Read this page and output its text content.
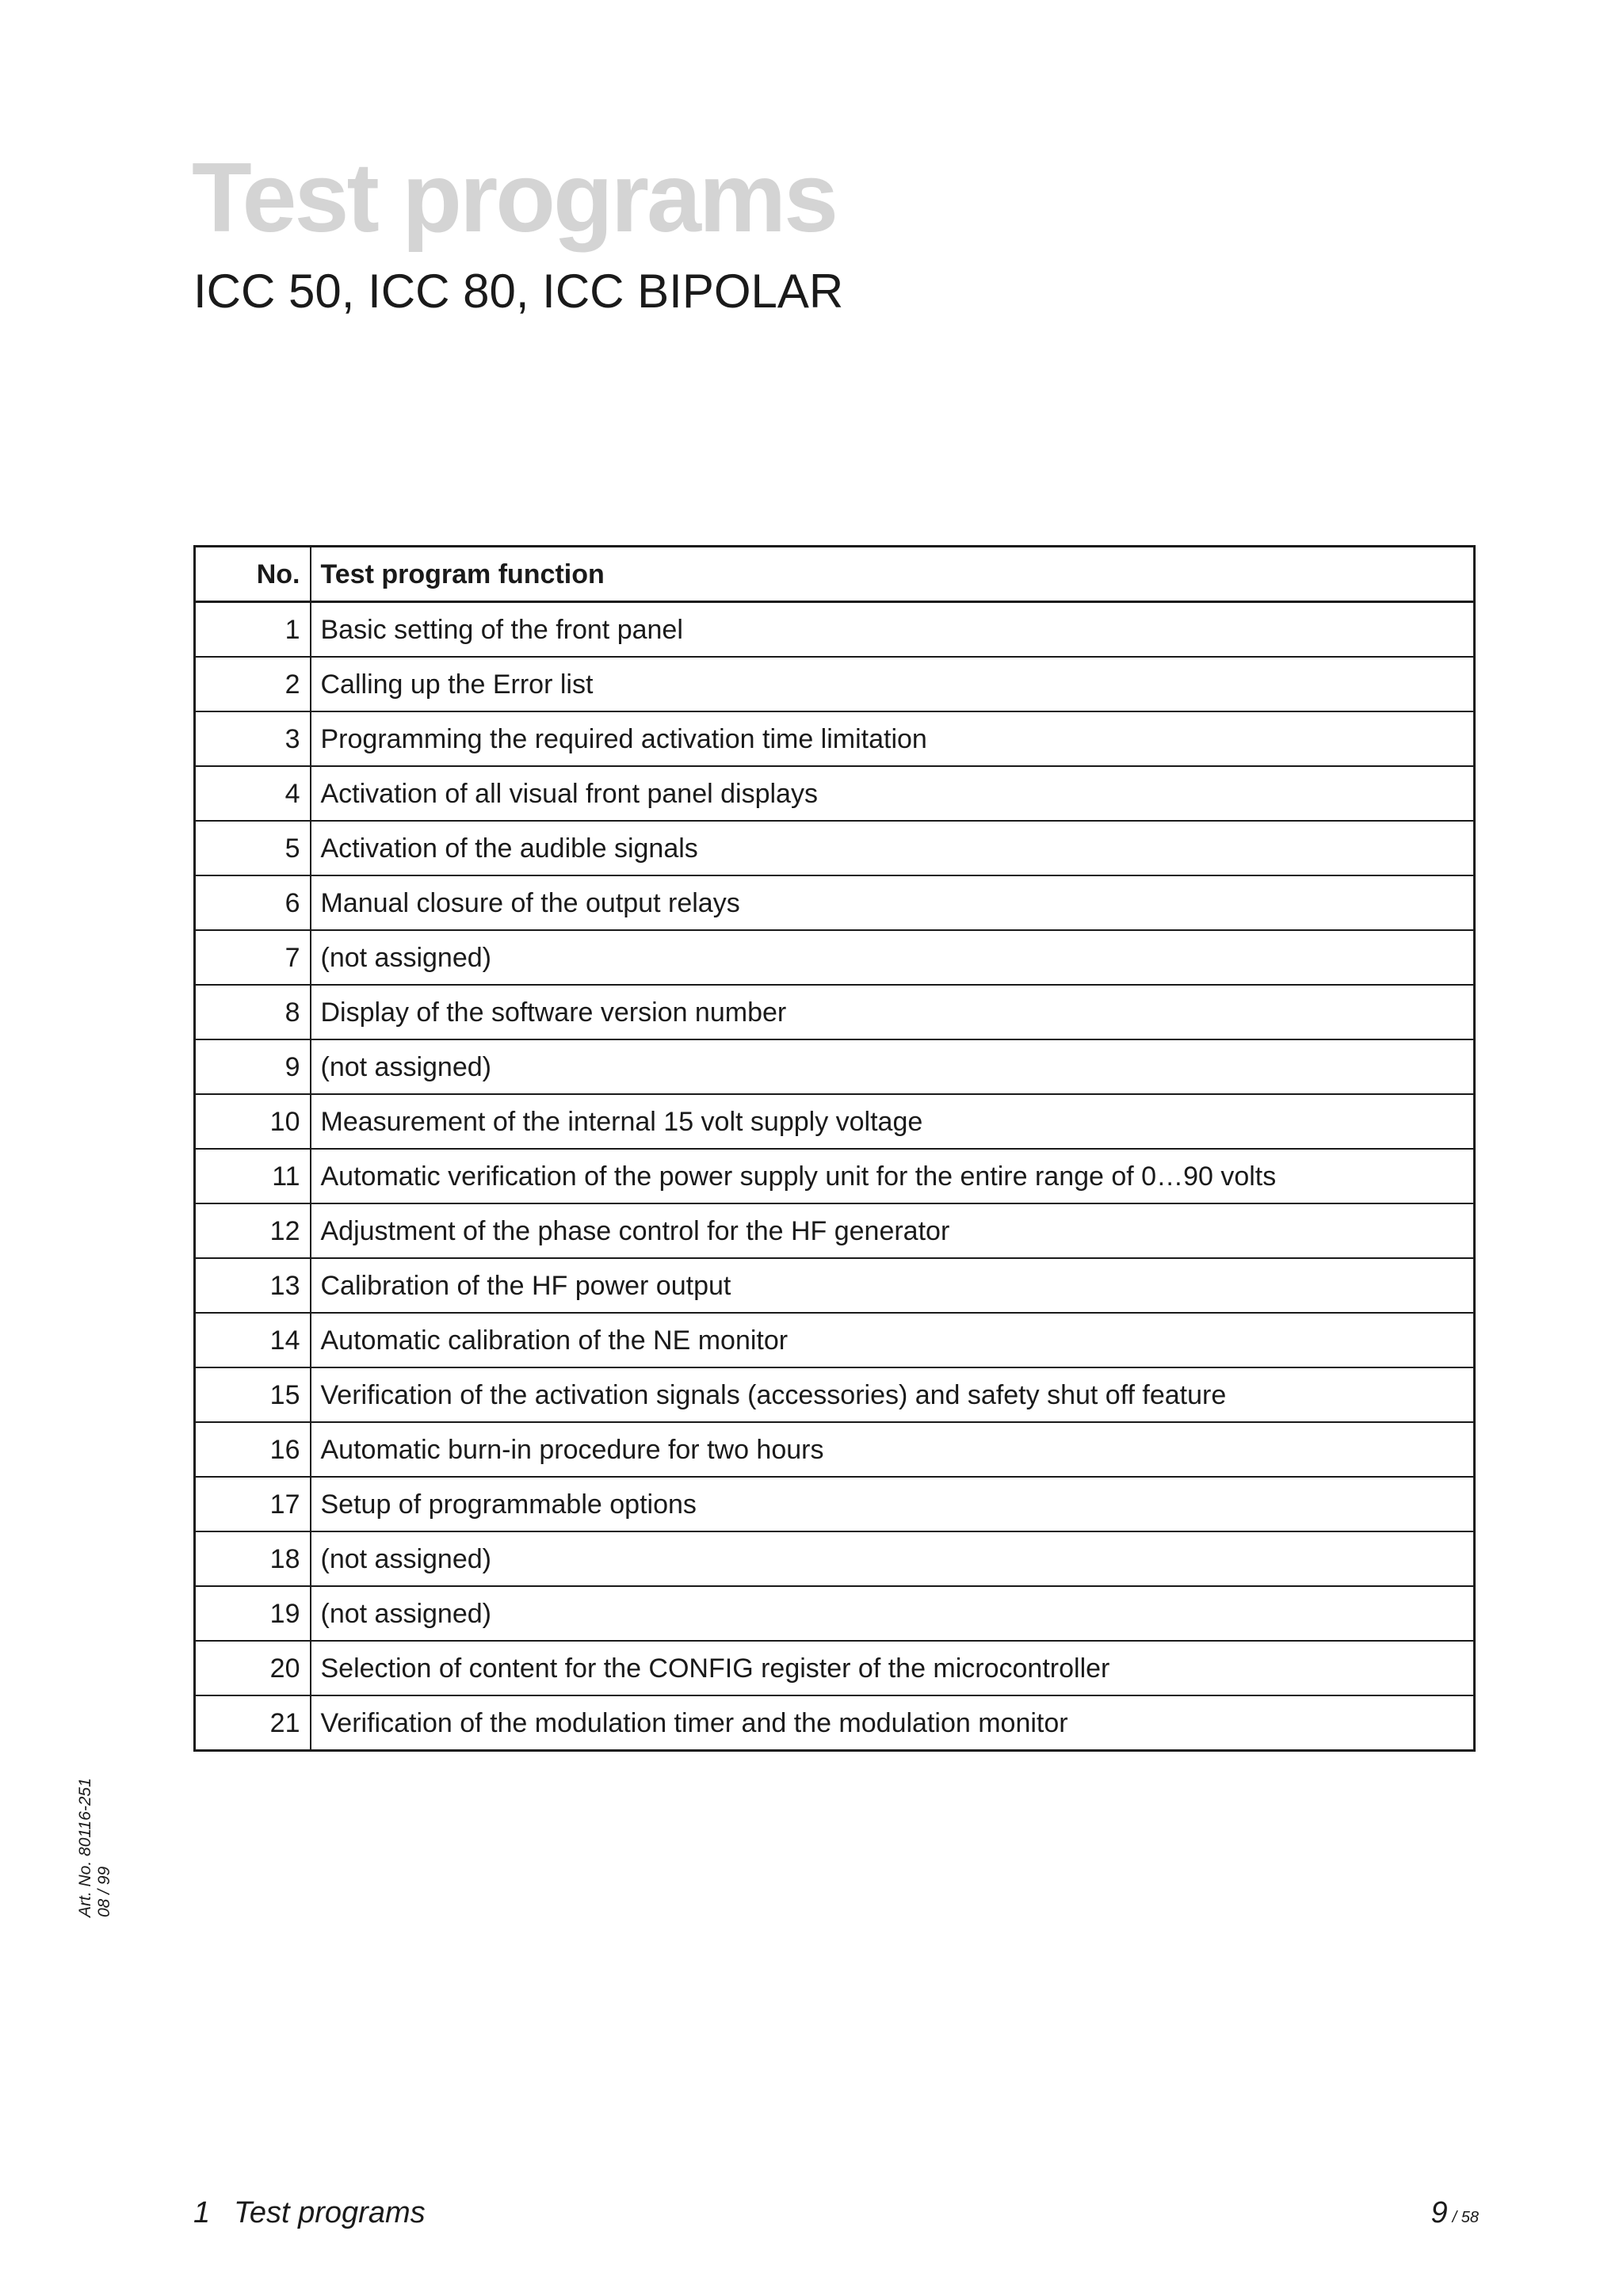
Test programs
ICC 50, ICC 80, ICC BIPOLAR
No.	Test program function
1	Basic setting of the front panel
2	Calling up the Error list
3	Programming the required activation time limitation
4	Activation of all visual front panel displays
5	Activation of the audible signals
6	Manual closure of the output relays
7	(not assigned)
8	Display of the software version number
9	(not assigned)
10	Measurement of the internal 15 volt supply voltage
11	Automatic verification of the power supply unit for the entire range of 0…90 volts
12	Adjustment of the phase control for the HF generator
13	Calibration of the HF power output
14	Automatic calibration of the NE monitor
15	Verification of the activation signals (accessories) and safety shut off feature
16	Automatic burn-in procedure for two hours
17	Setup of programmable options
18	(not assigned)
19	(not assigned)
20	Selection of content for the CONFIG register of the microcontroller
21	Verification of the modulation timer and the modulation monitor
Art. No. 80116-251 08 / 99
1 Test programs	9 / 58
